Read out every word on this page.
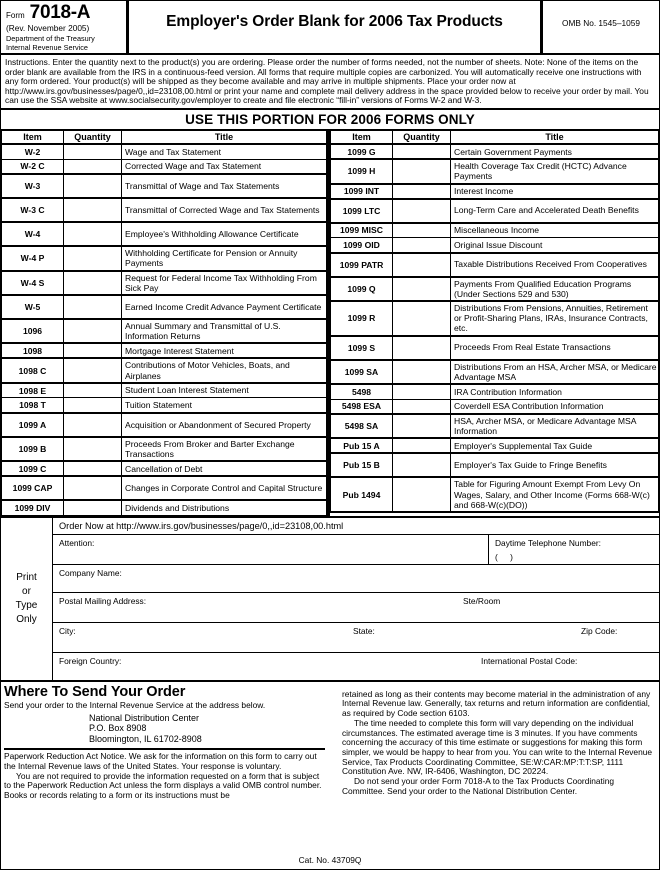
Form 7018-A
(Rev. November 2005)
Department of the Treasury
Internal Revenue Service
Employer's Order Blank for 2006 Tax Products	OMB No. 1545–1059
Instructions. Enter the quantity next to the product(s) you are ordering. Please order the number of forms needed, not the number of sheets. Note: None of the items on the order blank are available from the IRS in a continuous-feed version. All forms that require multiple copies are carbonized. You will automatically receive one instructions with any form ordered. Your product(s) will be shipped as they become available and may arrive in multiple shipments. Place your order now at http://www.irs.gov/businesses/page/0,,id=23108,00.html or print your name and complete mail delivery address in the space provided below to receive your order by mail. You can use the SSA website at www.socialsecurity.gov/employer to create and file electronic “fill-in” versions of Forms W-2 and W-3.
USE THIS PORTION FOR 2006 FORMS ONLY
Item	Quantity	Title
W-2		Wage and Tax Statement
W-2 C		Corrected Wage and Tax Statement
W-3		Transmittal of Wage and Tax Statements
W-3 C		Transmittal of Corrected Wage and Tax Statements
W-4		Employee's Withholding Allowance Certificate
W-4 P		Withholding Certificate for Pension or Annuity Payments
W-4 S		Request for Federal Income Tax Withholding From Sick Pay
W-5		Earned Income Credit Advance Payment Certificate
1096		Annual Summary and Transmittal of U.S. Information Returns
1098		Mortgage Interest Statement
1098 C		Contributions of Motor Vehicles, Boats, and Airplanes
1098 E		Student Loan Interest Statement
1098 T		Tuition Statement
1099 A		Acquisition or Abandonment of Secured Property
1099 B		Proceeds From Broker and Barter Exchange Transactions
1099 C		Cancellation of Debt
1099 CAP		Changes in Corporate Control and Capital Structure
1099 DIV		Dividends and Distributions
Item	Quantity	Title
1099 G		Certain Government Payments
1099 H		Health Coverage Tax Credit (HCTC) Advance Payments
1099 INT		Interest Income
1099 LTC		Long-Term Care and Accelerated Death Benefits
1099 MISC		Miscellaneous Income
1099 OID		Original Issue Discount
1099 PATR		Taxable Distributions Received From Cooperatives
1099 Q		Payments From Qualified Education Programs (Under Sections 529 and 530)
1099 R		Distributions From Pensions, Annuities, Retirement or Profit-Sharing Plans, IRAs, Insurance Contracts, etc.
1099 S		Proceeds From Real Estate Transactions
1099 SA		Distributions From an HSA, Archer MSA, or Medicare Advantage MSA
5498		IRA Contribution Information
5498 ESA		Coverdell ESA Contribution Information
5498 SA		HSA, Archer MSA, or Medicare Advantage MSA Information
Pub 15 A		Employer's Supplemental Tax Guide
Pub 15 B		Employer's Tax Guide to Fringe Benefits
Pub 1494		Table for Figuring Amount Exempt From Levy On Wages, Salary, and Other Income (Forms 668-W(c) and 668-W(c)(DO))
Print
or
Type
Only
Order Now at http://www.irs.gov/businesses/page/0,,id=23108,00.html
Attention:	Daytime Telephone Number:
( )
Company Name:
Postal Mailing Address:	Ste/Room
City:	State:	Zip Code:
Foreign Country:	International Postal Code:
Where To Send Your Order
Send your order to the Internal Revenue Service at the address below.
National Distribution Center
P.O. Box 8908
Bloomington, IL 61702-8908
Paperwork Reduction Act Notice. We ask for the information on this form to carry out the Internal Revenue laws of the United States. Your response is voluntary.
You are not required to provide the information requested on a form that is subject to the Paperwork Reduction Act unless the form displays a valid OMB control number. Books or records relating to a form or its instructions must be

retained as long as their contents may become material in the administration of any Internal Revenue law. Generally, tax returns and return information are confidential, as required by Code section 6103.

The time needed to complete this form will vary depending on the individual circumstances. The estimated average time is 3 minutes. If you have comments concerning the accuracy of this time estimate or suggestions for making this form simpler, we would be happy to hear from you. You can write to the Internal Revenue Service, Tax Products Coordinating Committee, SE:W:CAR:MP:T:T:SP, 1111 Constitution Ave. NW, IR-6406, Washington, DC 20224.

Do not send your order Form 7018-A to the Tax Products Coordinating Committee. Send your order to the National Distribution Center.

Cat. No. 43709Q
